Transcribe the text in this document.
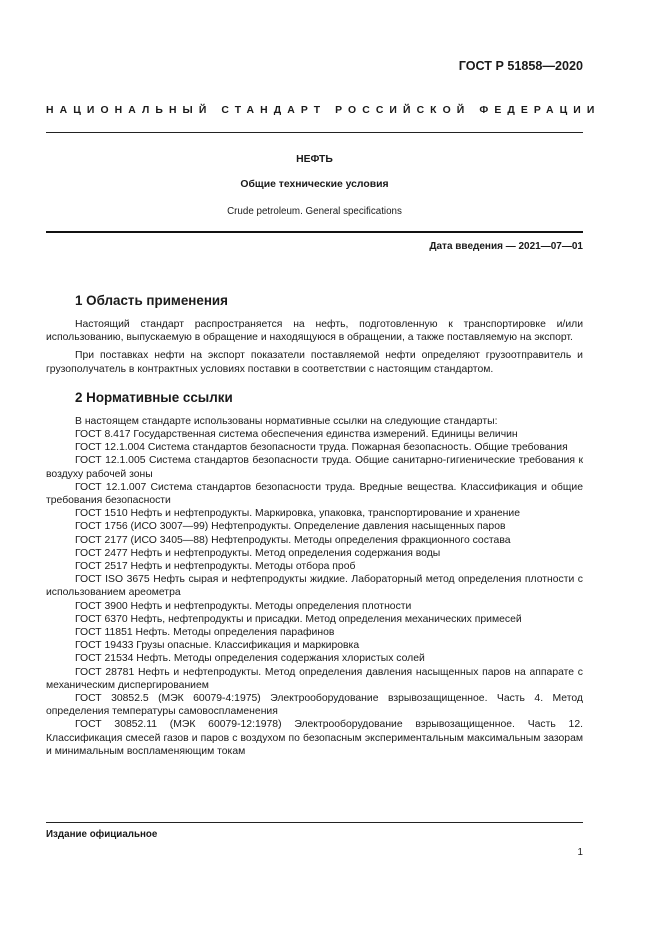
ГОСТ Р 51858—2020
НАЦИОНАЛЬНЫЙ СТАНДАРТ РОССИЙСКОЙ ФЕДЕРАЦИИ
НЕФТЬ
Общие технические условия
Crude petroleum. General specifications
Дата введения — 2021—07—01
1 Область применения

Настоящий стандарт распространяется на нефть, подготовленную к транспортировке и/или использованию, выпускаемую в обращение и находящуюся в обращении, а также поставляемую на экспорт.

При поставках нефти на экспорт показатели поставляемой нефти определяют грузоотправитель и грузополучатель в контрактных условиях поставки в соответствии с настоящим стандартом.

2 Нормативные ссылки

В настоящем стандарте использованы нормативные ссылки на следующие стандарты:

ГОСТ 8.417 Государственная система обеспечения единства измерений. Единицы величин

ГОСТ 12.1.004 Система стандартов безопасности труда. Пожарная безопасность. Общие требования

ГОСТ 12.1.005 Система стандартов безопасности труда. Общие санитарно-гигиенические требования к воздуху рабочей зоны

ГОСТ 12.1.007 Система стандартов безопасности труда. Вредные вещества. Классификация и общие требования безопасности

ГОСТ 1510 Нефть и нефтепродукты. Маркировка, упаковка, транспортирование и хранение

ГОСТ 1756 (ИСО 3007—99) Нефтепродукты. Определение давления насыщенных паров

ГОСТ 2177 (ИСО 3405—88) Нефтепродукты. Методы определения фракционного состава

ГОСТ 2477 Нефть и нефтепродукты. Метод определения содержания воды

ГОСТ 2517 Нефть и нефтепродукты. Методы отбора проб

ГОСТ ISO 3675 Нефть сырая и нефтепродукты жидкие. Лабораторный метод определения плотности с использованием ареометра

ГОСТ 3900 Нефть и нефтепродукты. Методы определения плотности

ГОСТ 6370 Нефть, нефтепродукты и присадки. Метод определения механических примесей

ГОСТ 11851 Нефть. Методы определения парафинов

ГОСТ 19433 Грузы опасные. Классификация и маркировка

ГОСТ 21534 Нефть. Методы определения содержания хлористых солей

ГОСТ 28781 Нефть и нефтепродукты. Метод определения давления насыщенных паров на аппарате с механическим диспергированием

ГОСТ 30852.5 (МЭК 60079-4:1975) Электрооборудование взрывозащищенное. Часть 4. Метод определения температуры самовоспламенения

ГОСТ 30852.11 (МЭК 60079-12:1978) Электрооборудование взрывозащищенное. Часть 12. Классификация смесей газов и паров с воздухом по безопасным экспериментальным максимальным зазорам и минимальным воспламеняющим токам

Издание официальное
1
